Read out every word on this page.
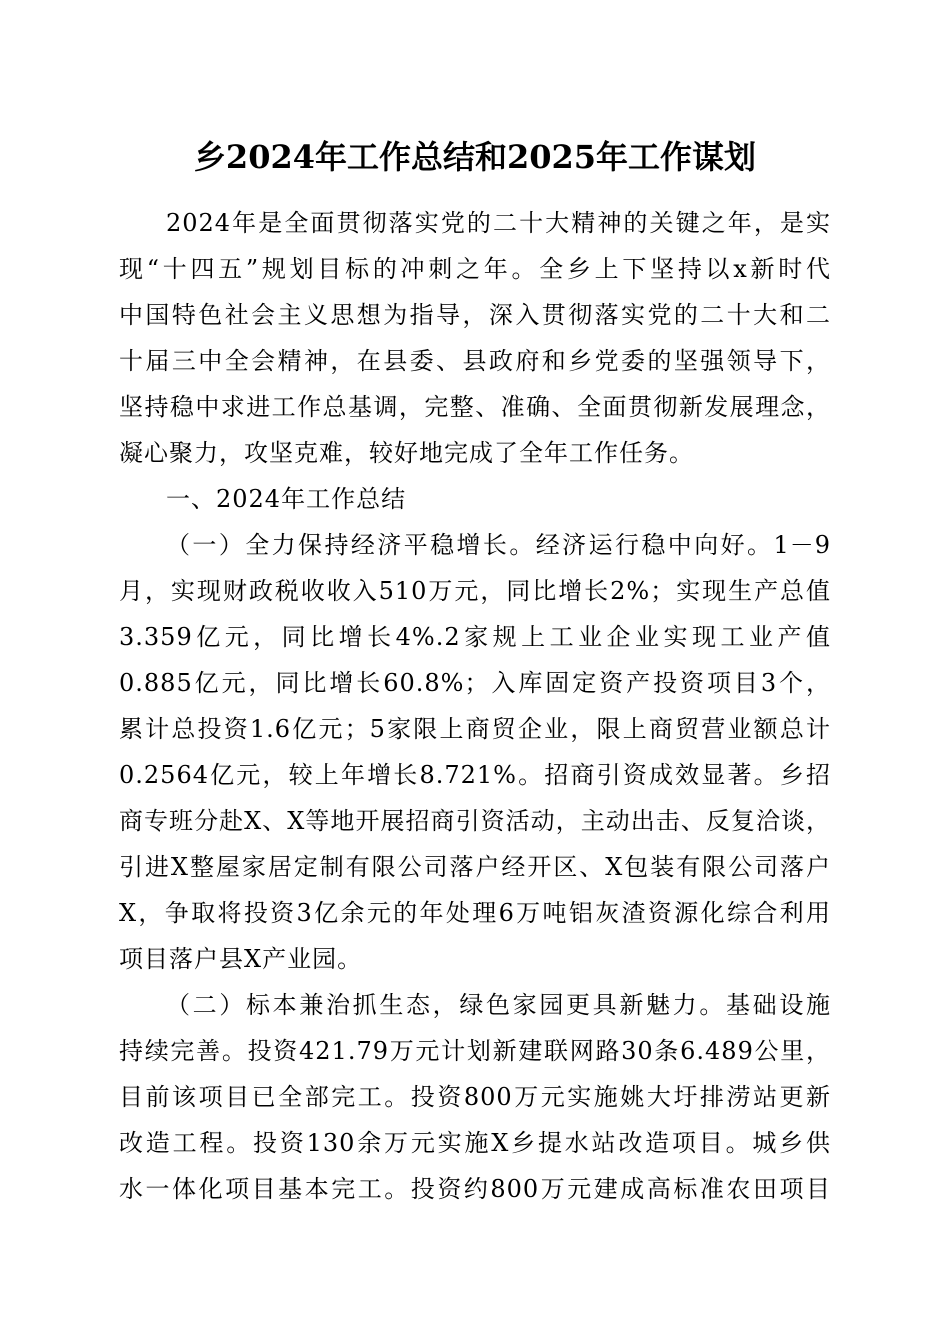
乡2024年工作总结和2025年工作谋划
2024年是全面贯彻落实党的二十大精神的关键之年，是实
现“十四五”规划目标的冲刺之年。全乡上下坚持以x新时代
中国特色社会主义思想为指导，深入贯彻落实党的二十大和二
十届三中全会精神，在县委、县政府和乡党委的坚强领导下，
坚持稳中求进工作总基调，完整、准确、全面贯彻新发展理念，
凝心聚力，攻坚克难，较好地完成了全年工作任务。
一、2024年工作总结
（一）全力保持经济平稳增长。经济运行稳中向好。1－9
月，实现财政税收收入510万元，同比增长2%；实现生产总值
3.359亿元，同比增长4%.2家规上工业企业实现工业产值
0.885亿元，同比增长60.8%；入库固定资产投资项目3个，
累计总投资1.6亿元；5家限上商贸企业，限上商贸营业额总计
0.2564亿元，较上年增长8.721%。招商引资成效显著。乡招
商专班分赴X、X等地开展招商引资活动，主动出击、反复洽谈，
引进X整屋家居定制有限公司落户经开区、X包装有限公司落户
X，争取将投资3亿余元的年处理6万吨铝灰渣资源化综合利用
项目落户县X产业园。
（二）标本兼治抓生态，绿色家园更具新魅力。基础设施
持续完善。投资421.79万元计划新建联网路30条6.489公里，
目前该项目已全部完工。投资800万元实施姚大圩排涝站更新
改造工程。投资130余万元实施X乡提水站改造项目。城乡供
水一体化项目基本完工。投资约800万元建成高标准农田项目
